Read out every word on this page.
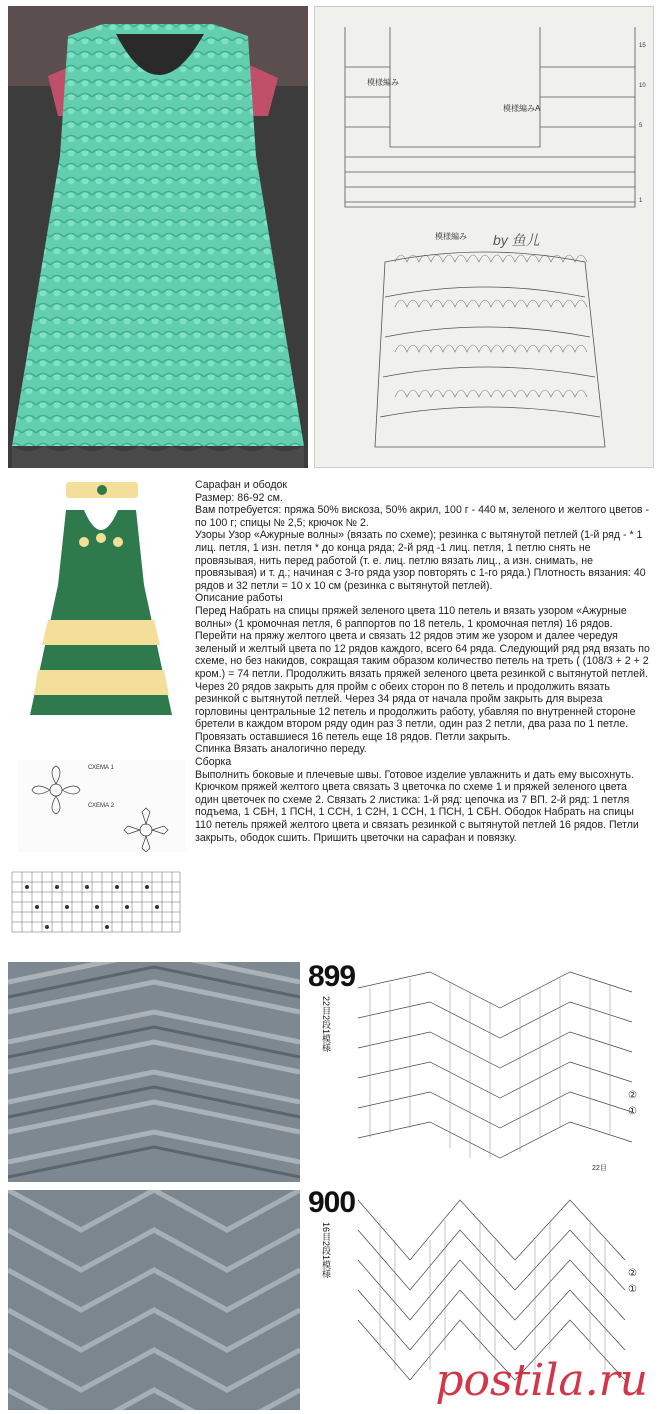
模様編み
模様編みA
模様編み by 鱼儿
15
10
5
1
СХЕМА 1
СХЕМА 2

Сарафан и ободок

Размер: 86-92 см.

Вам потребуется: пряжа 50% вискоза, 50% акрил, 100 г - 440 м, зеленого и желтого цветов - по 100 г; спицы № 2,5; крючок № 2.

Узоры Узор «Ажурные волны» (вязать по схеме); резинка с вытянутой петлей (1-й ряд - * 1 лиц. петля, 1 изн. петля * до конца ряда; 2-й ряд -1 лиц. петля, 1 петлю снять не провязывая, нить перед работой (т. е. лиц. петлю вязать лиц., а изн. снимать, не провязывая) и т. д.; начиная с 3-го ряда узор повторять с 1-го ряда.) Плотность вязания: 40 рядов и 32 петли = 10 х 10 см (резинка с вытянутой петлей).

Описание работы

Перед Набрать на спицы пряжей зеленого цвета 110 петель и вязать узором «Ажурные волны» (1 кромочная петля, 6 раппортов по 18 петель, 1 кромочная петля) 16 рядов. Перейти на пряжу желтого цвета и связать 12 рядов этим же узором и далее чередуя зеленый и желтый цвета по 12 рядов каждого, всего 64 ряда. Следующий ряд ряд вязать по схеме, но без накидов, сокращая таким образом количество петель на треть ( (108/3 + 2 + 2 кром.) = 74 петли. Продолжить вязать пряжей зеленого цвета резинкой с вытянутой петлей. Через 20 рядов закрыть для пройм с обеих сторон по 8 петель и продолжить вязать резинкой с вытянутой петлей. Через 34 ряда от начала пройм закрыть для выреза горловины центральные 12 петель и продолжить работу, убавляя по внутренней стороне бретели в каждом втором ряду один раз 3 петли, один раз 2 петли, два раза по 1 петле. Провязать оставшиеся 16 петель еще 18 рядов. Петли закрыть.

Спинка Вязать аналогично переду.

Сборка

Выполнить боковые и плечевые швы. Готовое изделие увлажнить и дать ему высохнуть. Крючком пряжей желтого цвета связать 3 цветочка по схеме 1 и пряжей зеленого цвета один цветочек по схеме 2. Связать 2 листика: 1-й ряд: цепочка из 7 ВП. 2-й ряд: 1 петля подъема, 1 СБН, 1 ПСН, 1 ССН, 1 С2Н, 1 ССН, 1 ПСН, 1 СБН. Ободок Набрать на спицы 110 петель пряжей желтого цвета и связать резинкой с вытянутой петлей 16 рядов. Петли закрыть, ободок сшить. Пришить цветочки на сарафан и повязку.

899
22目2段1模様
②
①
22目
900
16目2段1模様	②
①
postila.ru
